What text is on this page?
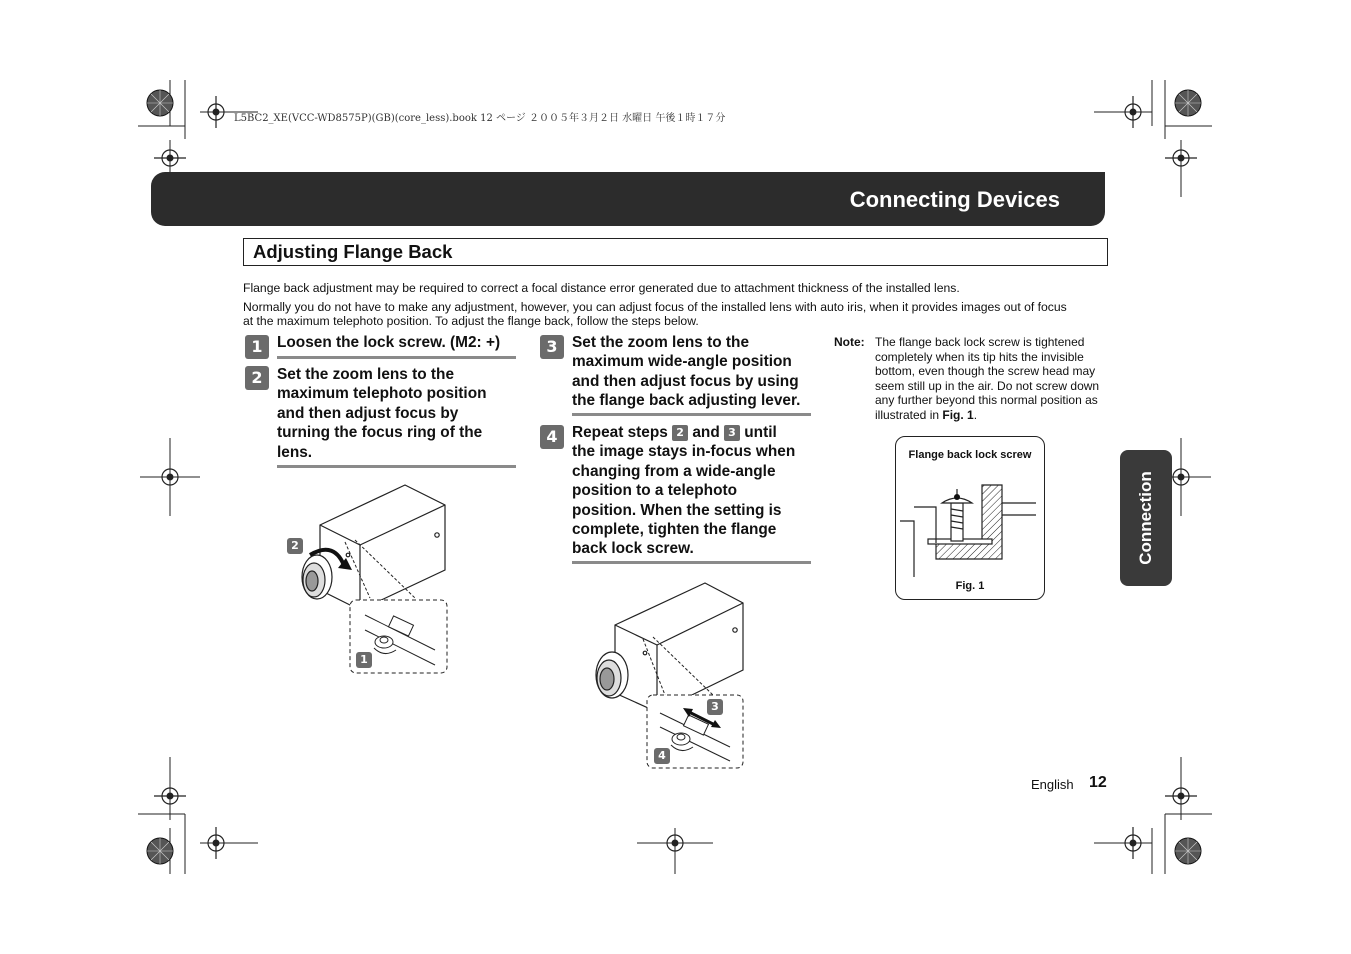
L5BC2_XE(VCC-WD8575P)(GB)(core_less).book 12 ページ ２００５年３月２日 水曜日 午後１時１７分
Connecting Devices
Adjusting Flange Back
Flange back adjustment may be required to correct a focal distance error generated due to attachment thickness of the installed lens.
Normally you do not have to make any adjustment, however, you can adjust focus of the installed lens with auto iris, when it provides images out of focus
at the maximum telephoto position. To adjust the flange back, follow the steps below.
1 Loosen the lock screw. (M2: +)
2 Set the zoom lens to the
maximum telephoto position
and then adjust focus by
turning the focus ring of the
lens.
3 Set the zoom lens to the
maximum wide-angle position
and then adjust focus by using
the flange back adjusting lever.
4 Repeat steps 2 and 3 until
the image stays in-focus when
changing from a wide-angle
position to a telephoto
position. When the setting is
complete, tighten the flange
back lock screw.
2
1
3
4
Note: The flange back lock screw is tightened completely when its tip hits the invisible bottom, even though the screw head may seem still up in the air. Do not screw down any further beyond this normal position as illustrated in Fig. 1.
Flange back lock screw
Fig. 1
Connection
English 12
